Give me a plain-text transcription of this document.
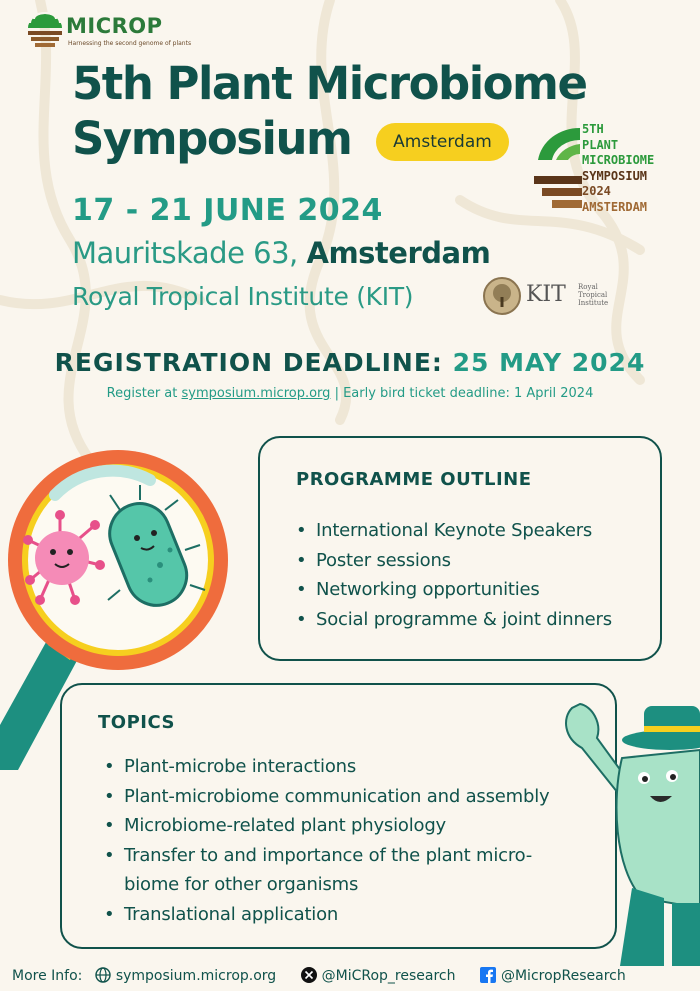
MICROP
Harnessing the second genome of plants
5th Plant Microbiome
Symposium	Amsterdam
5TH
PLANT
MICROBIOME
SYMPOSIUM
2024
AMSTERDAM
17 - 21 JUNE 2024
Mauritskade 63, Amsterdam
Royal Tropical Institute (KIT)	KIT Royal Tropical Institute
REGISTRATION DEADLINE: 25 MAY 2024
Register at symposium.microp.org | Early bird ticket deadline: 1 April 2024
PROGRAMME OUTLINE
• International Keynote Speakers
• Poster sessions
• Networking opportunities
• Social programme & joint dinners
TOPICS
• Plant-microbe interactions
• Plant-microbiome communication and assembly
• Microbiome-related plant physiology
• Transfer to and importance of the plant micro-
biome for other organisms
• Translational application
More Info: symposium.microp.org	@MiCRop_research	@MicropResearch
